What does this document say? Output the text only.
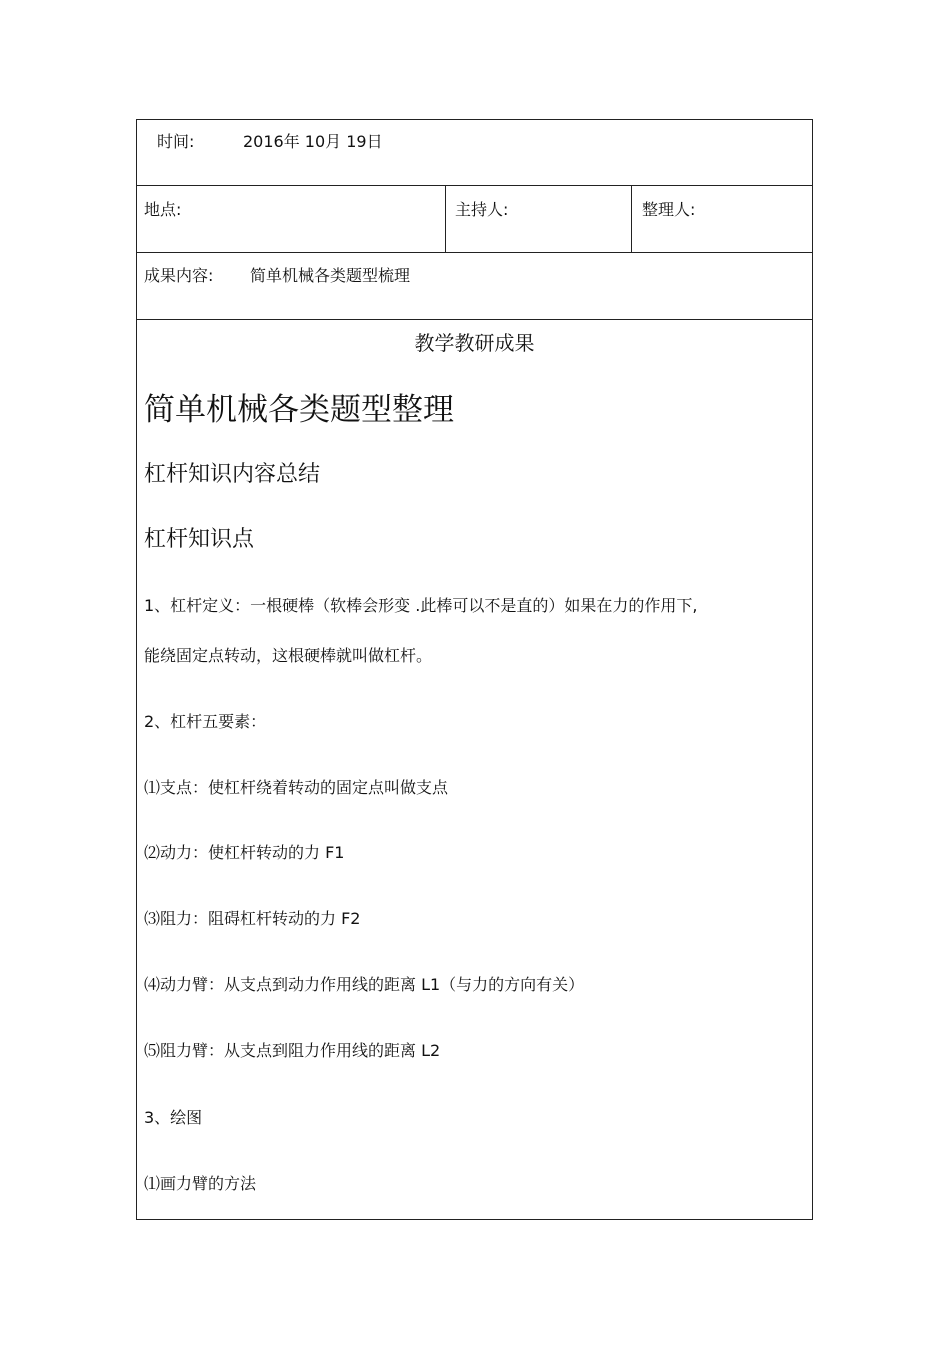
时间:	2016年 10月 19日
地点:	主持人:	整理人:
成果内容: 简单机械各类题型梳理
教学教研成果
简单机械各类题型整理
杠杆知识内容总结
杠杆知识点
1、杠杆定义：一根硬棒（软棒会形变 .此棒可以不是直的）如果在力的作用下,
能绕固定点转动，这根硬棒就叫做杠杆。
2、杠杆五要素：
⑴支点：使杠杆绕着转动的固定点叫做支点
⑵动力：使杠杆转动的力 F1
⑶阻力：阻碍杠杆转动的力 F2
⑷动力臂：从支点到动力作用线的距离 L1（与力的方向有关）
⑸阻力臂：从支点到阻力作用线的距离 L2
3、绘图
⑴画力臂的方法
